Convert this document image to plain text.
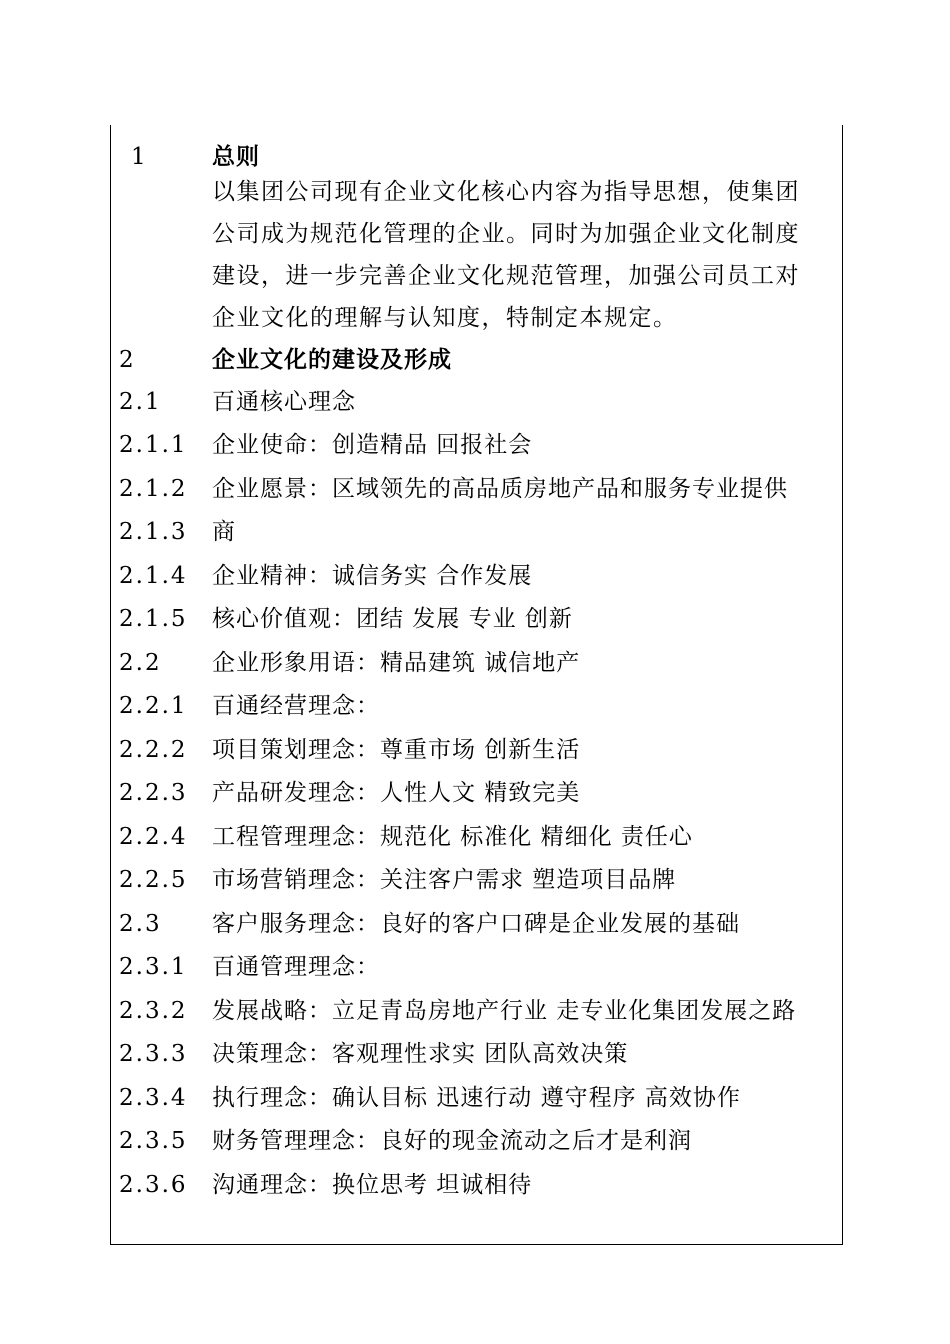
1	总则
以集团公司现有企业文化核心内容为指导思想，使集团
公司成为规范化管理的企业。同时为加强企业文化制度
建设，进一步完善企业文化规范管理，加强公司员工对
企业文化的理解与认知度，特制定本规定。
2	企业文化的建设及形成
2.1 百通核心理念
2.1.1 企业使命：创造精品 回报社会
2.1.2 企业愿景：区域领先的高品质房地产品和服务专业提供
2.1.3 商
2.1.4 企业精神：诚信务实 合作发展
2.1.5 核心价值观：团结 发展 专业 创新
2.2 企业形象用语：精品建筑 诚信地产
2.2.1 百通经营理念：
2.2.2 项目策划理念：尊重市场 创新生活
2.2.3 产品研发理念：人性人文 精致完美
2.2.4 工程管理理念：规范化 标准化 精细化 责任心
2.2.5 市场营销理念：关注客户需求 塑造项目品牌
2.3 客户服务理念：良好的客户口碑是企业发展的基础
2.3.1 百通管理理念：
2.3.2 发展战略：立足青岛房地产行业 走专业化集团发展之路
2.3.3 决策理念：客观理性求实 团队高效决策
2.3.4 执行理念：确认目标 迅速行动 遵守程序 高效协作
2.3.5 财务管理理念：良好的现金流动之后才是利润
2.3.6 沟通理念：换位思考 坦诚相待
